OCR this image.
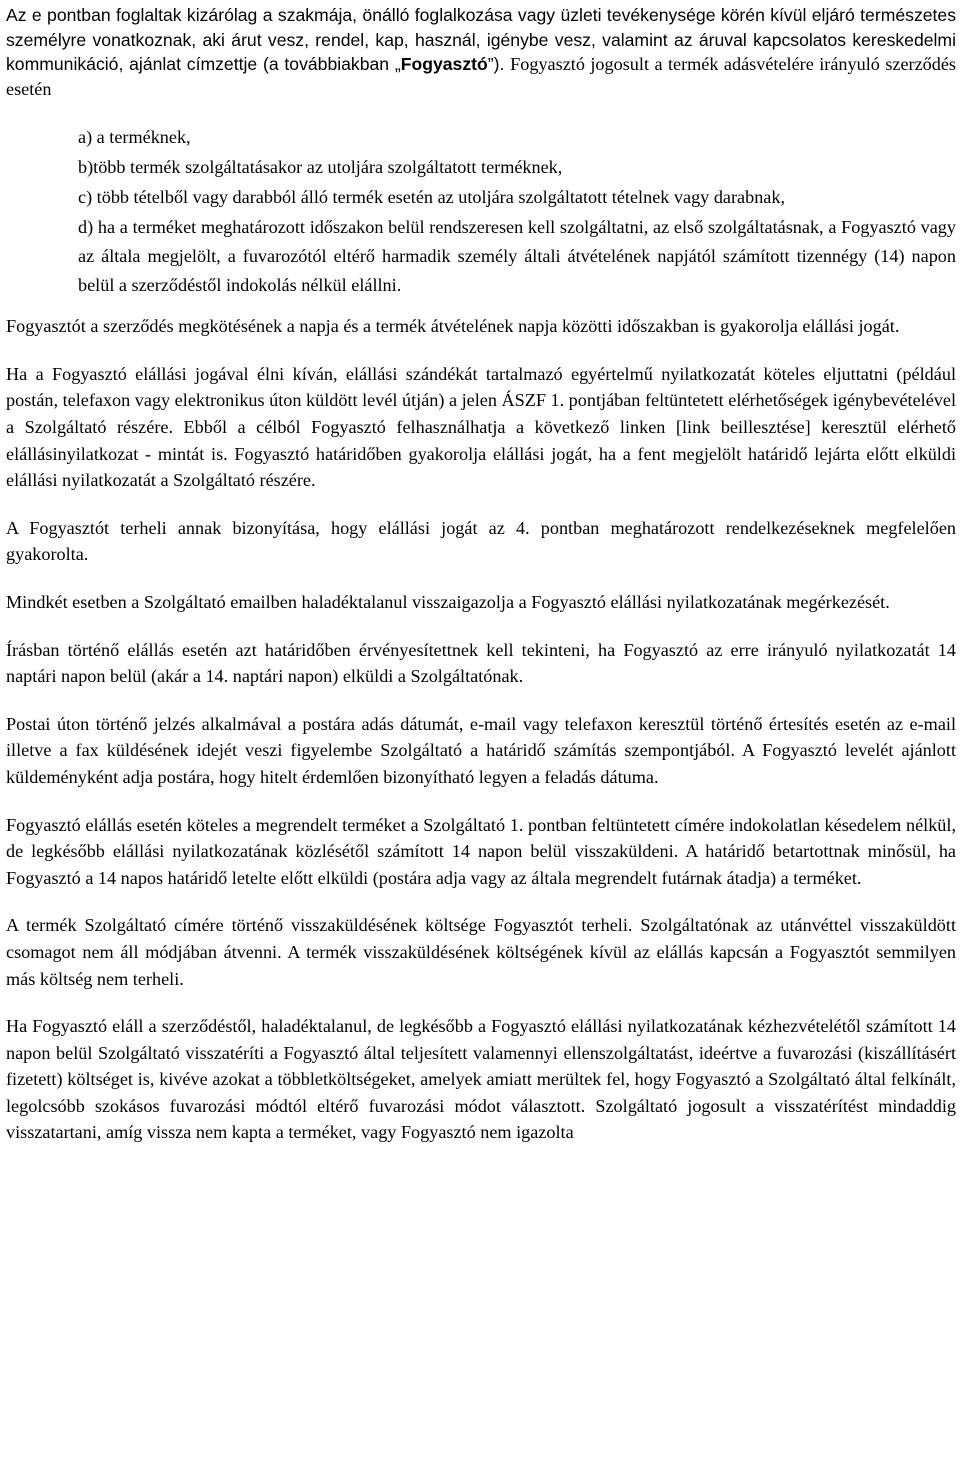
Az e pontban foglaltak kizárólag a szakmája, önálló foglalkozása vagy üzleti tevékenysége körén kívül eljáró természetes személyre vonatkoznak, aki árut vesz, rendel, kap, használ, igénybe vesz, valamint az áruval kapcsolatos kereskedelmi kommunikáció, ajánlat címzettje (a továbbiakban „Fogyasztó”). Fogyasztó jogosult a termék adásvételére irányuló szerződés esetén

a) a terméknek,

b)több termék szolgáltatásakor az utoljára szolgáltatott terméknek,

c) több tételből vagy darabból álló termék esetén az utoljára szolgáltatott tételnek vagy darabnak,

d) ha a terméket meghatározott időszakon belül rendszeresen kell szolgáltatni, az első szolgáltatásnak, a Fogyasztó vagy az általa megjelölt, a fuvarozótól eltérő harmadik személy általi átvételének napjától számított tizennégy (14) napon belül a szerződéstől indokolás nélkül elállni.

Fogyasztót a szerződés megkötésének a napja és a termék átvételének napja közötti időszakban is gyakorolja elállási jogát.

Ha a Fogyasztó elállási jogával élni kíván, elállási szándékát tartalmazó egyértelmű nyilatkozatát köteles eljuttatni (például postán, telefaxon vagy elektronikus úton küldött levél útján) a jelen ÁSZF 1. pontjában feltüntetett elérhetőségek igénybevételével a Szolgáltató részére. Ebből a célból Fogyasztó felhasználhatja a következő linken [link beillesztése] keresztül elérhető elállásinyilatkozat - mintát is. Fogyasztó határidőben gyakorolja elállási jogát, ha a fent megjelölt határidő lejárta előtt elküldi elállási nyilatkozatát a Szolgáltató részére.

A Fogyasztót terheli annak bizonyítása, hogy elállási jogát az 4. pontban meghatározott rendelkezéseknek megfelelően gyakorolta.

Mindkét esetben a Szolgáltató emailben haladéktalanul visszaigazolja a Fogyasztó elállási nyilatkozatának megérkezését.

Írásban történő elállás esetén azt határidőben érvényesítettnek kell tekinteni, ha Fogyasztó az erre irányuló nyilatkozatát 14 naptári napon belül (akár a 14. naptári napon) elküldi a Szolgáltatónak.

Postai úton történő jelzés alkalmával a postára adás dátumát, e-mail vagy telefaxon keresztül történő értesítés esetén az e-mail illetve a fax küldésének idejét veszi figyelembe Szolgáltató a határidő számítás szempontjából. A Fogyasztó levelét ajánlott küldeményként adja postára, hogy hitelt érdemlően bizonyítható legyen a feladás dátuma.

Fogyasztó elállás esetén köteles a megrendelt terméket a Szolgáltató 1. pontban feltüntetett címére indokolatlan késedelem nélkül, de legkésőbb elállási nyilatkozatának közlésétől számított 14 napon belül visszaküldeni. A határidő betartottnak minősül, ha Fogyasztó a 14 napos határidő letelte előtt elküldi (postára adja vagy az általa megrendelt futárnak átadja) a terméket.

A termék Szolgáltató címére történő visszaküldésének költsége Fogyasztót terheli. Szolgáltatónak az utánvéttel visszaküldött csomagot nem áll módjában átvenni. A termék visszaküldésének költségének kívül az elállás kapcsán a Fogyasztót semmilyen más költség nem terheli.

Ha Fogyasztó eláll a szerződéstől, haladéktalanul, de legkésőbb a Fogyasztó elállási nyilatkozatának kézhezvételétől számított 14 napon belül Szolgáltató visszatéríti a Fogyasztó által teljesített valamennyi ellenszolgáltatást, ideértve a fuvarozási (kiszállításért fizetett) költséget is, kivéve azokat a többletköltségeket, amelyek amiatt merültek fel, hogy Fogyasztó a Szolgáltató által felkínált, legolcsóbb szokásos fuvarozási módtól eltérő fuvarozási módot választott. Szolgáltató jogosult a visszatérítést mindaddig visszatartani, amíg vissza nem kapta a terméket, vagy Fogyasztó nem igazolta
